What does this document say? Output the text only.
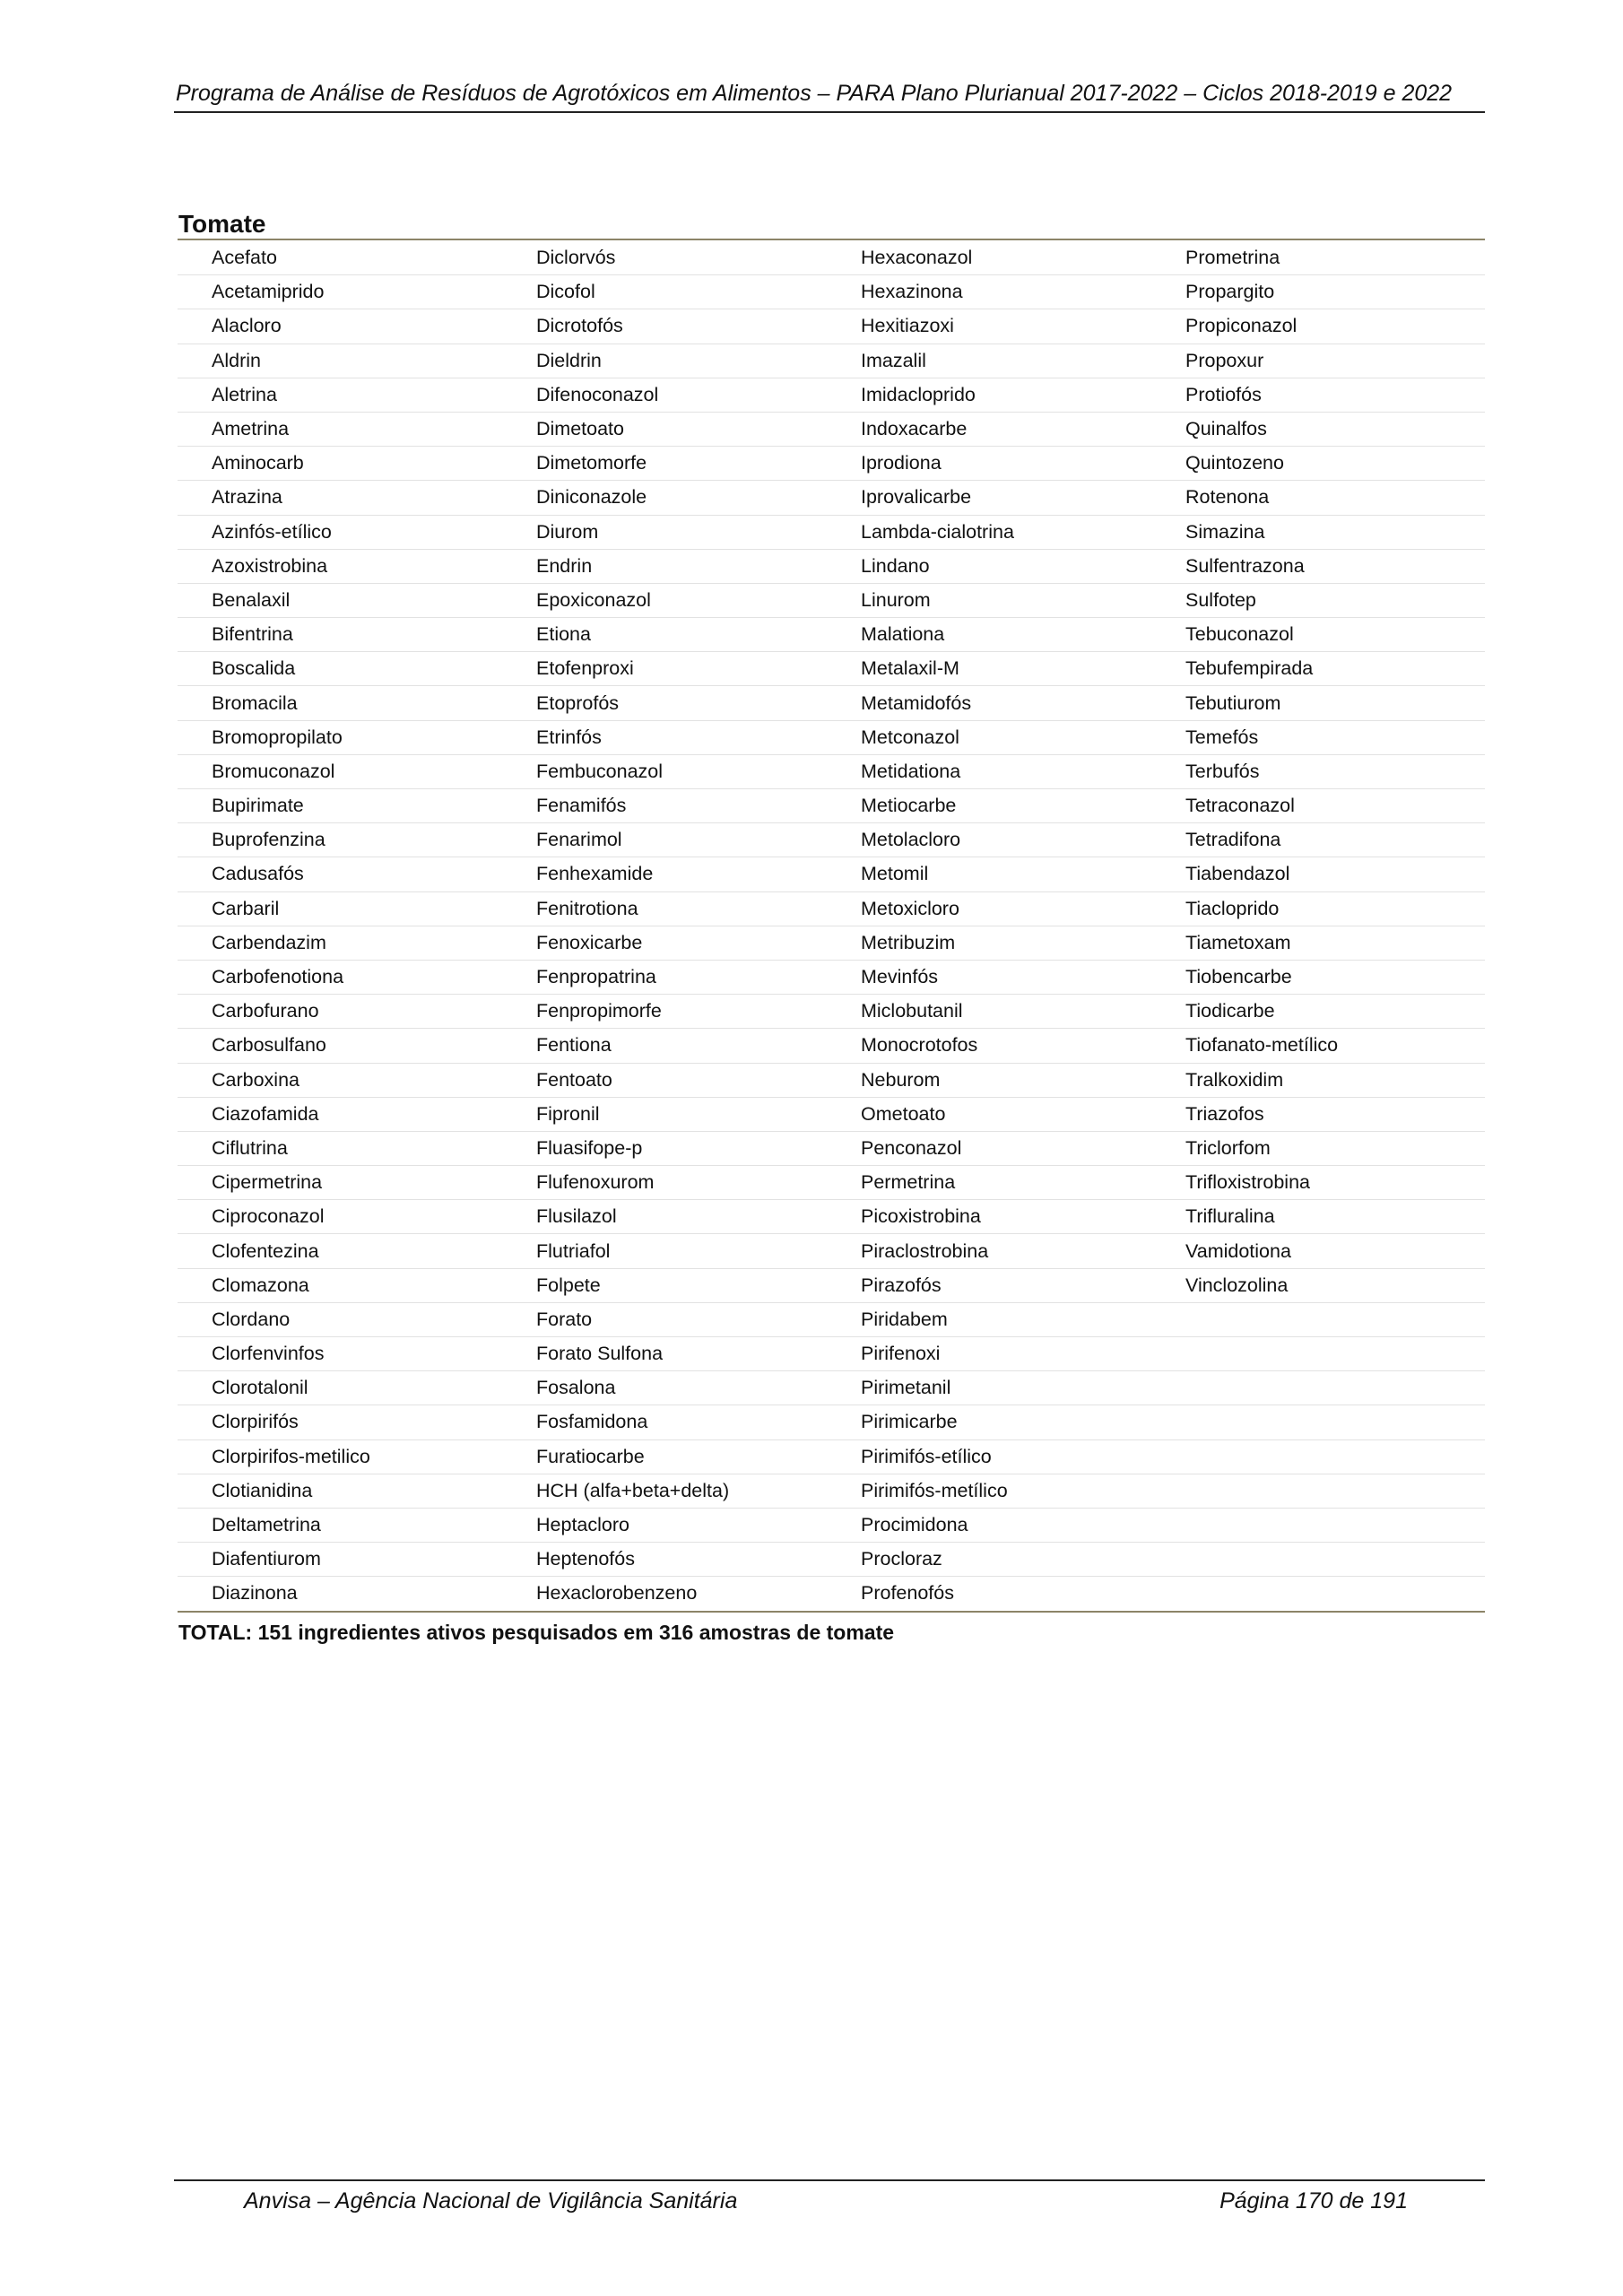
Programa de Análise de Resíduos de Agrotóxicos em Alimentos – PARA Plano Plurianual 2017-2022 – Ciclos 2018-2019 e 2022
Tomate
Acefato	Diclorvós	Hexaconazol	Prometrina
Acetamiprido	Dicofol	Hexazinona	Propargito
Alacloro	Dicrotofós	Hexitiazoxi	Propiconazol
Aldrin	Dieldrin	Imazalil	Propoxur
Aletrina	Difenoconazol	Imidacloprido	Protiofós
Ametrina	Dimetoato	Indoxacarbe	Quinalfos
Aminocarb	Dimetomorfe	Iprodiona	Quintozeno
Atrazina	Diniconazole	Iprovalicarbe	Rotenona
Azinfós-etílico	Diurom	Lambda-cialotrina	Simazina
Azoxistrobina	Endrin	Lindano	Sulfentrazona
Benalaxil	Epoxiconazol	Linurom	Sulfotep
Bifentrina	Etiona	Malationa	Tebuconazol
Boscalida	Etofenproxi	Metalaxil-M	Tebufempirada
Bromacila	Etoprofós	Metamidofós	Tebutiurom
Bromopropilato	Etrinfós	Metconazol	Temefós
Bromuconazol	Fembuconazol	Metidationa	Terbufós
Bupirimate	Fenamifós	Metiocarbe	Tetraconazol
Buprofenzina	Fenarimol	Metolacloro	Tetradifona
Cadusafós	Fenhexamide	Metomil	Tiabendazol
Carbaril	Fenitrotiona	Metoxicloro	Tiacloprido
Carbendazim	Fenoxicarbe	Metribuzim	Tiametoxam
Carbofenotiona	Fenpropatrina	Mevinfós	Tiobencarbe
Carbofurano	Fenpropimorfe	Miclobutanil	Tiodicarbe
Carbosulfano	Fentiona	Monocrotofos	Tiofanato-metílico
Carboxina	Fentoato	Neburom	Tralkoxidim
Ciazofamida	Fipronil	Ometoato	Triazofos
Ciflutrina	Fluasifope-p	Penconazol	Triclorfom
Cipermetrina	Flufenoxurom	Permetrina	Trifloxistrobina
Ciproconazol	Flusilazol	Picoxistrobina	Trifluralina
Clofentezina	Flutriafol	Piraclostrobina	Vamidotiona
Clomazona	Folpete	Pirazofós	Vinclozolina
Clordano	Forato	Piridabem	
Clorfenvinfos	Forato Sulfona	Pirifenoxi	
Clorotalonil	Fosalona	Pirimetanil	
Clorpirifós	Fosfamidona	Pirimicarbe	
Clorpirifos-metilico	Furatiocarbe	Pirimifós-etílico	
Clotianidina	HCH (alfa+beta+delta)	Pirimifós-metílico	
Deltametrina	Heptacloro	Procimidona	
Diafentiurom	Heptenofós	Procloraz	
Diazinona	Hexaclorobenzeno	Profenofós	
TOTAL: 151 ingredientes ativos pesquisados em 316 amostras de tomate
Anvisa – Agência Nacional de Vigilância Sanitária	Página 170 de 191
